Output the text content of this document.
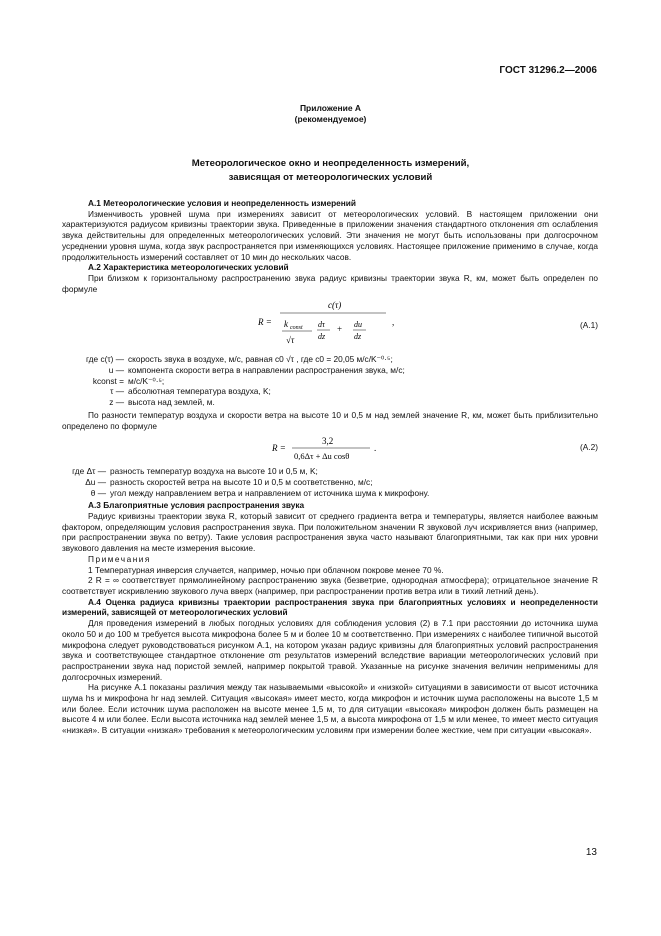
ГОСТ 31296.2—2006
Приложение А
(рекомендуемое)
Метеорологическое окно и неопределенность измерений,
зависящая от метеорологических условий

А.1 Метеорологические условия и неопределенность измерений

Изменчивость уровней шума при измерениях зависит от метеорологических условий. В настоящем приложении они характеризуются радиусом кривизны траектории звука. Приведенные в приложении значения стандартного отклонения σm ослабления звука действительны для определенных метеорологических условий. Эти значения не могут быть использованы при долгосрочном усреднении уровня шума, когда звук распространяется при изменяющихся условиях. Настоящее приложение применимо в случае, когда продолжительность измерений составляет от 10 мин до нескольких часов.

А.2 Характеристика метеорологических условий

При близком к горизонтальному распространению звука радиус кривизны траектории звука R, км, может быть определен по формуле

R =
c(τ)
k const
√τ
dτ
dz
+ du
dz
,	(А.1)
где c(τ) — скорость звука в воздухе, м/с, равная c0 √τ , где c0 = 20,05 м/с/K⁻⁰·⁵;
u — компонента скорости ветра в направлении распространения звука, м/с;
kconst = м/с/K⁻⁰·⁵;
τ — абсолютная температура воздуха, K;
z — высота над землей, м.

По разности температур воздуха и скорости ветра на высоте 10 и 0,5 м над землей значение R, км, может быть приблизительно определено по формуле

R =
3,2
0,6Δτ + Δu cosθ
.	(А.2)
где Δτ — разность температур воздуха на высоте 10 и 0,5 м, K;
Δu — разность скоростей ветра на высоте 10 и 0,5 м соответственно, м/с;
θ — угол между направлением ветра и направлением от источника шума к микрофону.

А.3 Благоприятные условия распространения звука

Радиус кривизны траектории звука R, который зависит от среднего градиента ветра и температуры, является наиболее важным фактором, определяющим условия распространения звука. При положительном значении R звуковой луч искривляется вниз (например, при распространении звука по ветру). Такие условия распространения звука часто называют благоприятными, так как при них уровни звукового давления на месте измерения высокие.

Примечания

1 Температурная инверсия случается, например, ночью при облачном покрове менее 70 %.

2 R = ∞ соответствует прямолинейному распространению звука (безветрие, однородная атмосфера); отрицательное значение R соответствует искривлению звукового луча вверх (например, при распространении против ветра или в тихий летний день).

А.4 Оценка радиуса кривизны траектории распространения звука при благоприятных условиях и неопределенности измерений, зависящей от метеорологических условий

Для проведения измерений в любых погодных условиях для соблюдения условия (2) в 7.1 при расстоянии до источника шума около 50 и до 100 м требуется высота микрофона более 5 м и более 10 м соответственно. При измерениях с наиболее типичной высотой микрофона следует руководствоваться рисунком А.1, на котором указан радиус кривизны для благоприятных условий распространения звука и соответствующее стандартное отклонение σm результатов измерений вследствие вариации метеорологических условий при распространении звука над пористой землей, например покрытой травой. Указанные на рисунке значения величин неприменимы для долгосрочных измерений.

На рисунке А.1 показаны различия между так называемыми «высокой» и «низкой» ситуациями в зависимости от высот источника шума hs и микрофона hr над землей. Ситуация «высокая» имеет место, когда микрофон и источник шума расположены на высоте 1,5 м или более. Если источник шума расположен на высоте менее 1,5 м, то для ситуации «высокая» микрофон должен быть размещен на высоте 4 м или более. Если высота источника над землей менее 1,5 м, а высота микрофона от 1,5 м или менее, то имеет место ситуация «низкая». В ситуации «низкая» требования к метеорологическим условиям при измерении более жесткие, чем при ситуации «высокая».

13
